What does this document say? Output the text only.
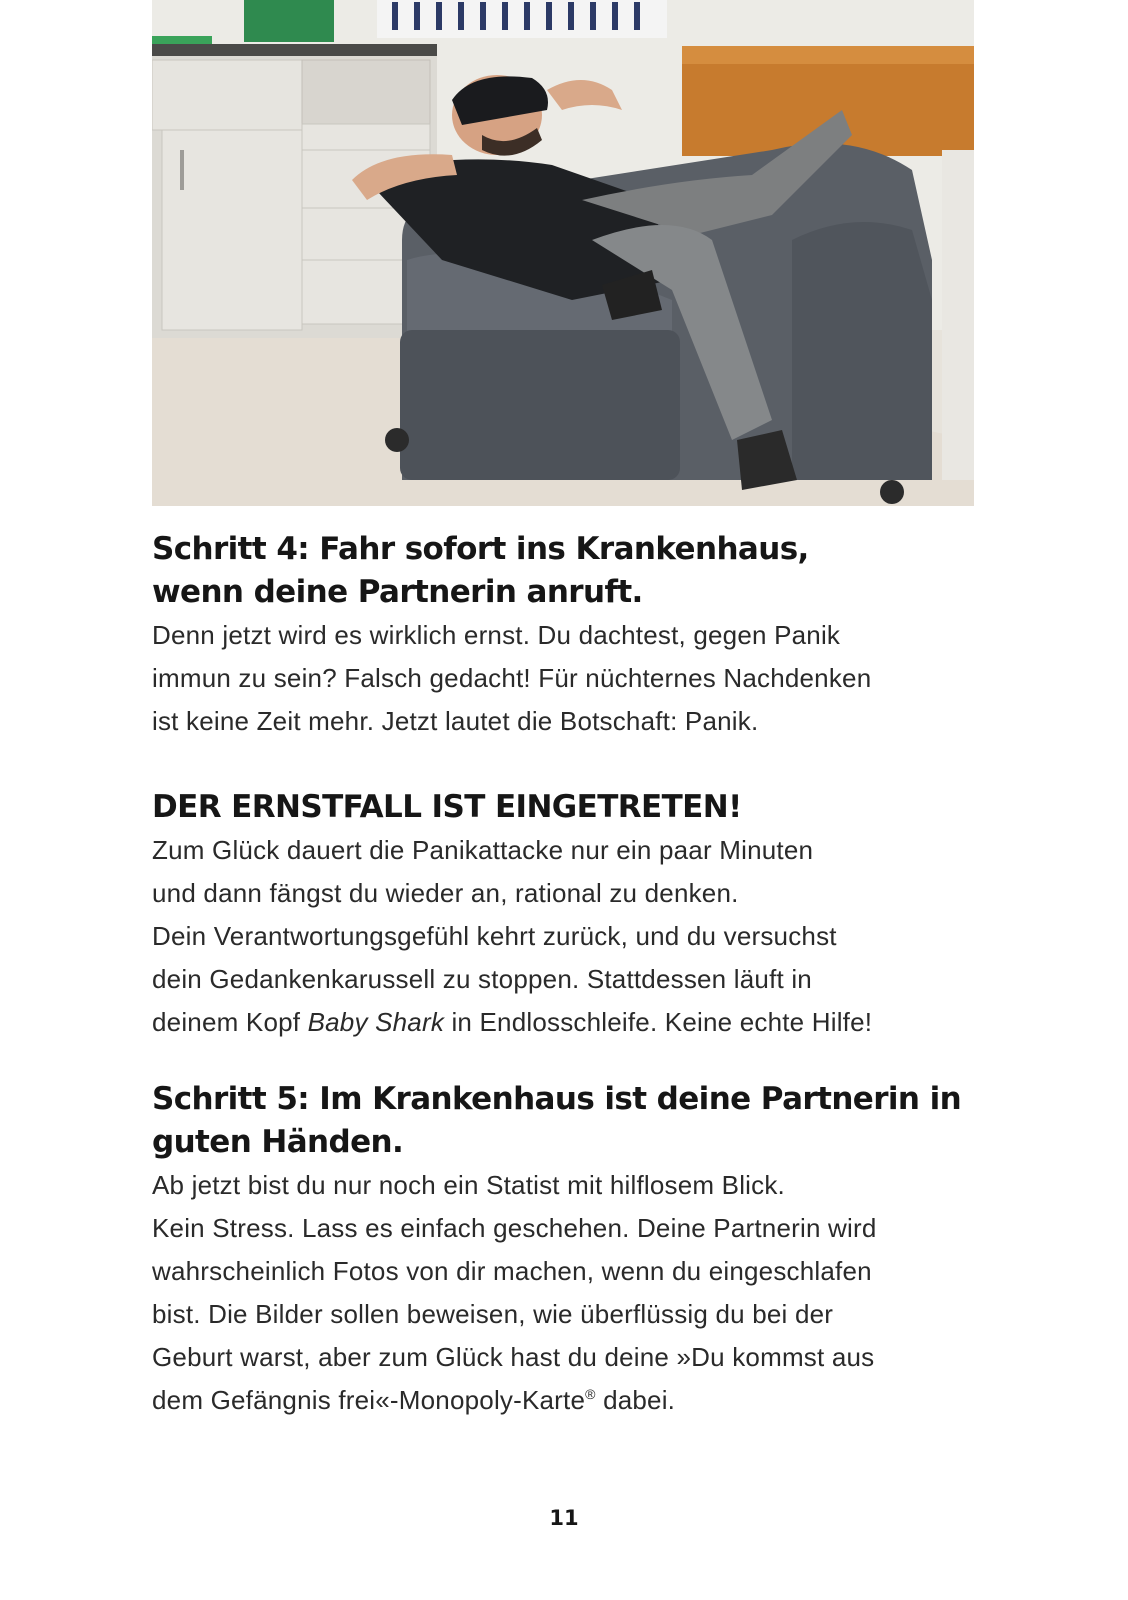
Schritt 4: Fahr sofort ins Krankenhaus,
wenn deine Partnerin anruft.

Denn jetzt wird es wirklich ernst. Du dachtest, gegen Panik
immun zu sein? Falsch gedacht! Für nüchternes Nachdenken
ist keine Zeit mehr. Jetzt lautet die Botschaft: Panik.

DER ERNSTFALL IST EINGETRETEN!

Zum Glück dauert die Panikattacke nur ein paar Minuten
und dann fängst du wieder an, rational zu denken.
Dein Verantwortungsgefühl kehrt zurück, und du versuchst
dein Gedankenkarussell zu stoppen. Stattdessen läuft in
deinem Kopf Baby Shark in Endlosschleife. Keine echte Hilfe!

Schritt 5: Im Krankenhaus ist deine Partnerin in
guten Händen.

Ab jetzt bist du nur noch ein Statist mit hilflosem Blick.
Kein Stress. Lass es einfach geschehen. Deine Partnerin wird
wahrscheinlich Fotos von dir machen, wenn du eingeschlafen
bist. Die Bilder sollen beweisen, wie überflüssig du bei der
Geburt warst, aber zum Glück hast du deine »Du kommst aus
dem Gefängnis frei«-Monopoly-Karte® dabei.

11
